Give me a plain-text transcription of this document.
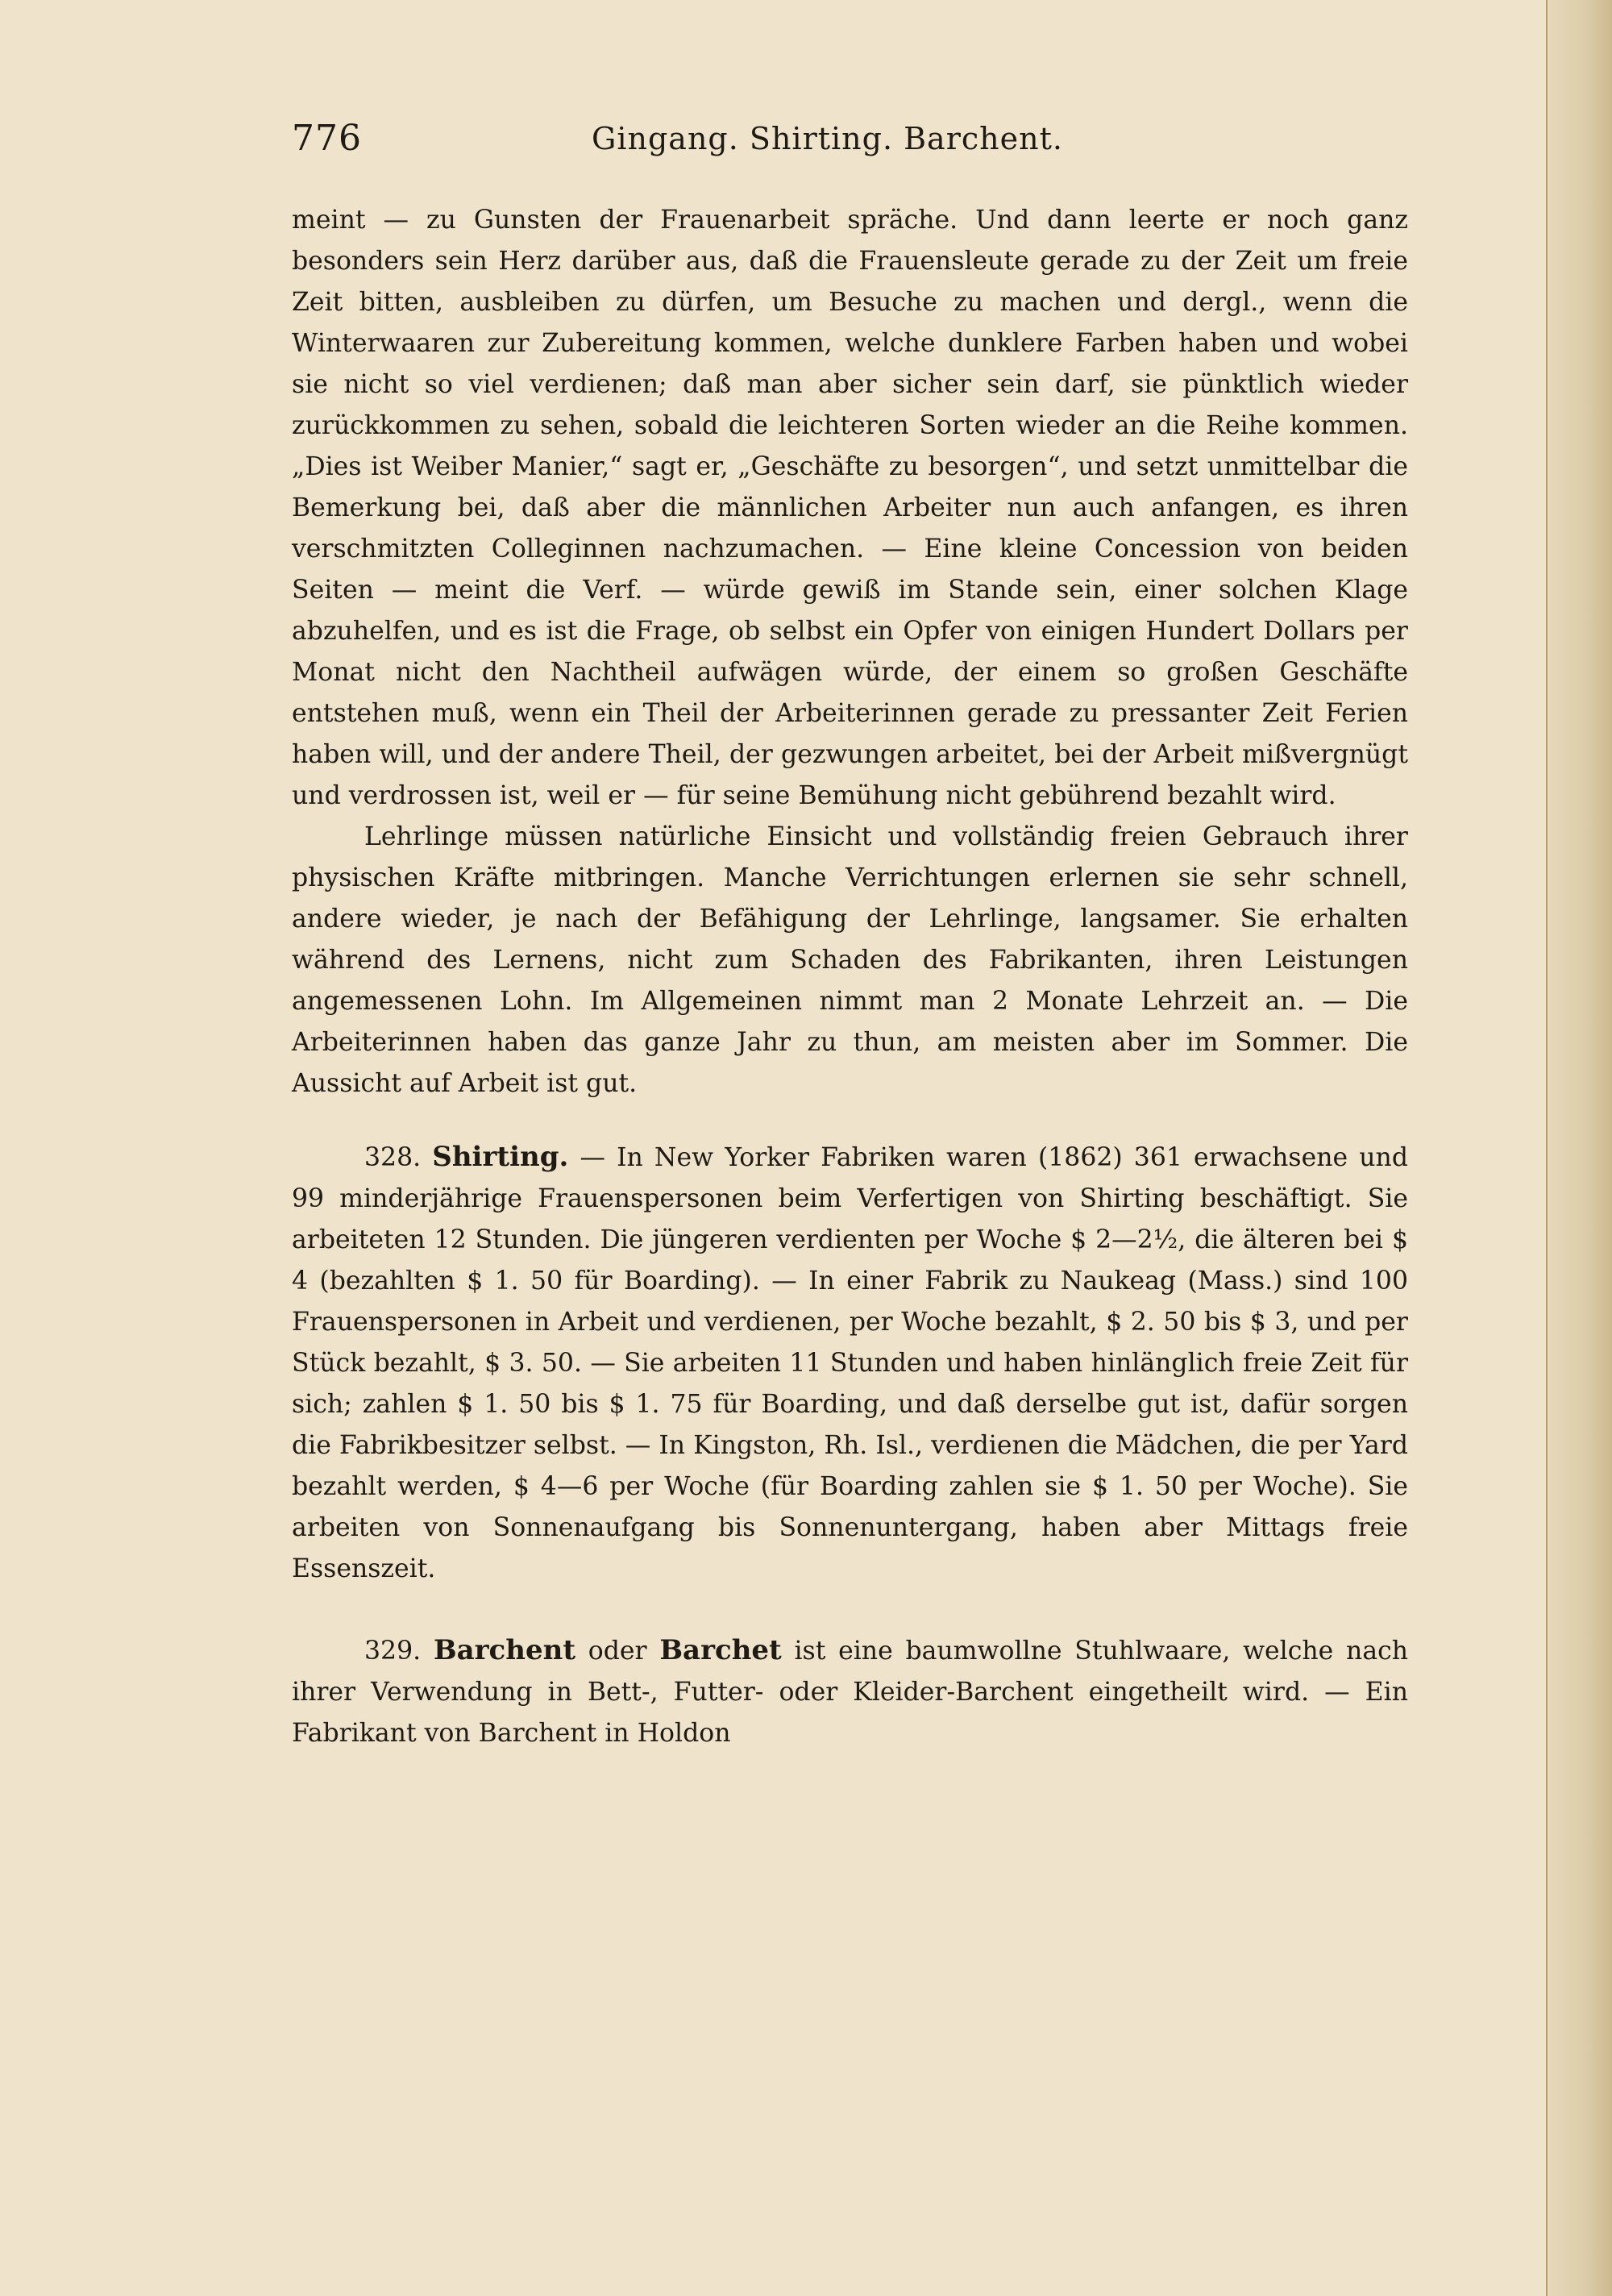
776	Gingang. Shirting. Barchent.

meint — zu Gunsten der Frauenarbeit spräche. Und dann leerte er noch ganz besonders sein Herz darüber aus, daß die Frauensleute gerade zu der Zeit um freie Zeit bitten, ausbleiben zu dürfen, um Besuche zu machen und dergl., wenn die Winterwaaren zur Zubereitung kommen, welche dunklere Farben haben und wobei sie nicht so viel verdienen; daß man aber sicher sein darf, sie pünktlich wieder zurückkommen zu sehen, sobald die leichteren Sorten wieder an die Reihe kommen. „Dies ist Weiber Manier,“ sagt er, „Geschäfte zu besorgen“, und setzt unmittelbar die Bemerkung bei, daß aber die männlichen Arbeiter nun auch anfangen, es ihren verschmitzten Colleginnen nachzumachen. — Eine kleine Concession von beiden Seiten — meint die Verf. — würde gewiß im Stande sein, einer solchen Klage abzuhelfen, und es ist die Frage, ob selbst ein Opfer von einigen Hundert Dollars per Monat nicht den Nachtheil aufwägen würde, der einem so großen Geschäfte entstehen muß, wenn ein Theil der Arbeiterinnen gerade zu pressanter Zeit Ferien haben will, und der andere Theil, der gezwungen arbeitet, bei der Arbeit mißvergnügt und verdrossen ist, weil er — für seine Bemühung nicht gebührend bezahlt wird.

Lehrlinge müssen natürliche Einsicht und vollständig freien Gebrauch ihrer physischen Kräfte mitbringen. Manche Verrichtungen erlernen sie sehr schnell, andere wieder, je nach der Befähigung der Lehrlinge, langsamer. Sie erhalten während des Lernens, nicht zum Schaden des Fabrikanten, ihren Leistungen angemessenen Lohn. Im Allgemeinen nimmt man 2 Monate Lehrzeit an. — Die Arbeiterinnen haben das ganze Jahr zu thun, am meisten aber im Sommer. Die Aussicht auf Arbeit ist gut.

328. Shirting. — In New Yorker Fabriken waren (1862) 361 erwachsene und 99 minderjährige Frauenspersonen beim Verfertigen von Shirting beschäftigt. Sie arbeiteten 12 Stunden. Die jüngeren verdienten per Woche $ 2—2½, die älteren bei $ 4 (bezahlten $ 1. 50 für Boarding). — In einer Fabrik zu Naukeag (Mass.) sind 100 Frauenspersonen in Arbeit und verdienen, per Woche bezahlt, $ 2. 50 bis $ 3, und per Stück bezahlt, $ 3. 50. — Sie arbeiten 11 Stunden und haben hinlänglich freie Zeit für sich; zahlen $ 1. 50 bis $ 1. 75 für Boarding, und daß derselbe gut ist, dafür sorgen die Fabrikbesitzer selbst. — In Kingston, Rh. Isl., verdienen die Mädchen, die per Yard bezahlt werden, $ 4—6 per Woche (für Boarding zahlen sie $ 1. 50 per Woche). Sie arbeiten von Sonnenaufgang bis Sonnenuntergang, haben aber Mittags freie Essenszeit.

329. Barchent oder Barchet ist eine baumwollne Stuhlwaare, welche nach ihrer Verwendung in Bett-, Futter- oder Kleider-Barchent eingetheilt wird. — Ein Fabrikant von Barchent in Holdon
